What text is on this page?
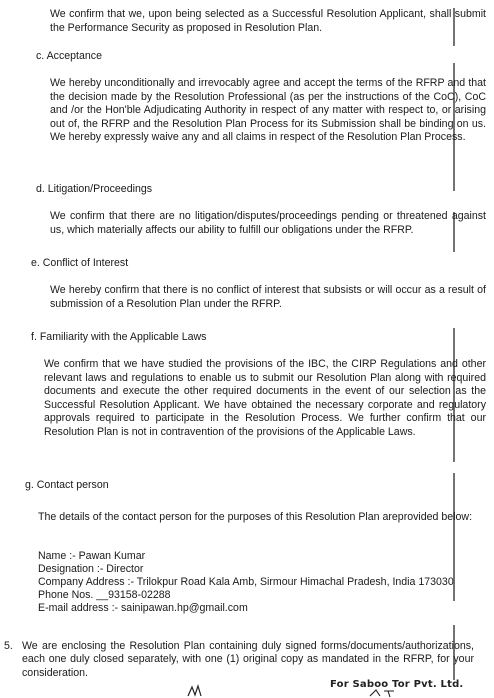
We confirm that we, upon being selected as a Successful Resolution Applicant, shall submit the Performance Security as proposed in Resolution Plan.
c. Acceptance
We hereby unconditionally and irrevocably agree and accept the terms of the RFRP and that the decision made by the Resolution Professional (as per the instructions of the CoC), CoC and /or the Hon'ble Adjudicating Authority in respect of any matter with respect to, or arising out of, the RFRP and the Resolution Plan Process for its Submission shall be binding on us. We hereby expressly waive any and all claims in respect of the Resolution Plan Process.
d. Litigation/Proceedings
We confirm that there are no litigation/disputes/proceedings pending or threatened against us, which materially affects our ability to fulfill our obligations under the RFRP.
e. Conflict of Interest
We hereby confirm that there is no conflict of interest that subsists or will occur as a result of submission of a Resolution Plan under the RFRP.
f. Familiarity with the Applicable Laws
We confirm that we have studied the provisions of the IBC, the CIRP Regulations and other relevant laws and regulations to enable us to submit our Resolution Plan along with required documents and execute the other required documents in the event of our selection as the Successful Resolution Applicant. We have obtained the necessary corporate and regulatory approvals required to participate in the Resolution Process. We further confirm that our Resolution Plan is not in contravention of the provisions of the Applicable Laws.
g. Contact person
The details of the contact person for the purposes of this Resolution Plan areprovided below:
Name :- Pawan Kumar
Designation :- Director
Company Address :- Trilokpur Road Kala Amb, Sirmour Himachal Pradesh, India 173030
Phone Nos. __93158-02288
E-mail address :- sainipawan.hp@gmail.com
5. We are enclosing the Resolution Plan containing duly signed forms/documents/authorizations, each one duly closed separately, with one (1) original copy as mandated in the RFRP, for your consideration.
For Saboo Tor Pvt. Ltd.
